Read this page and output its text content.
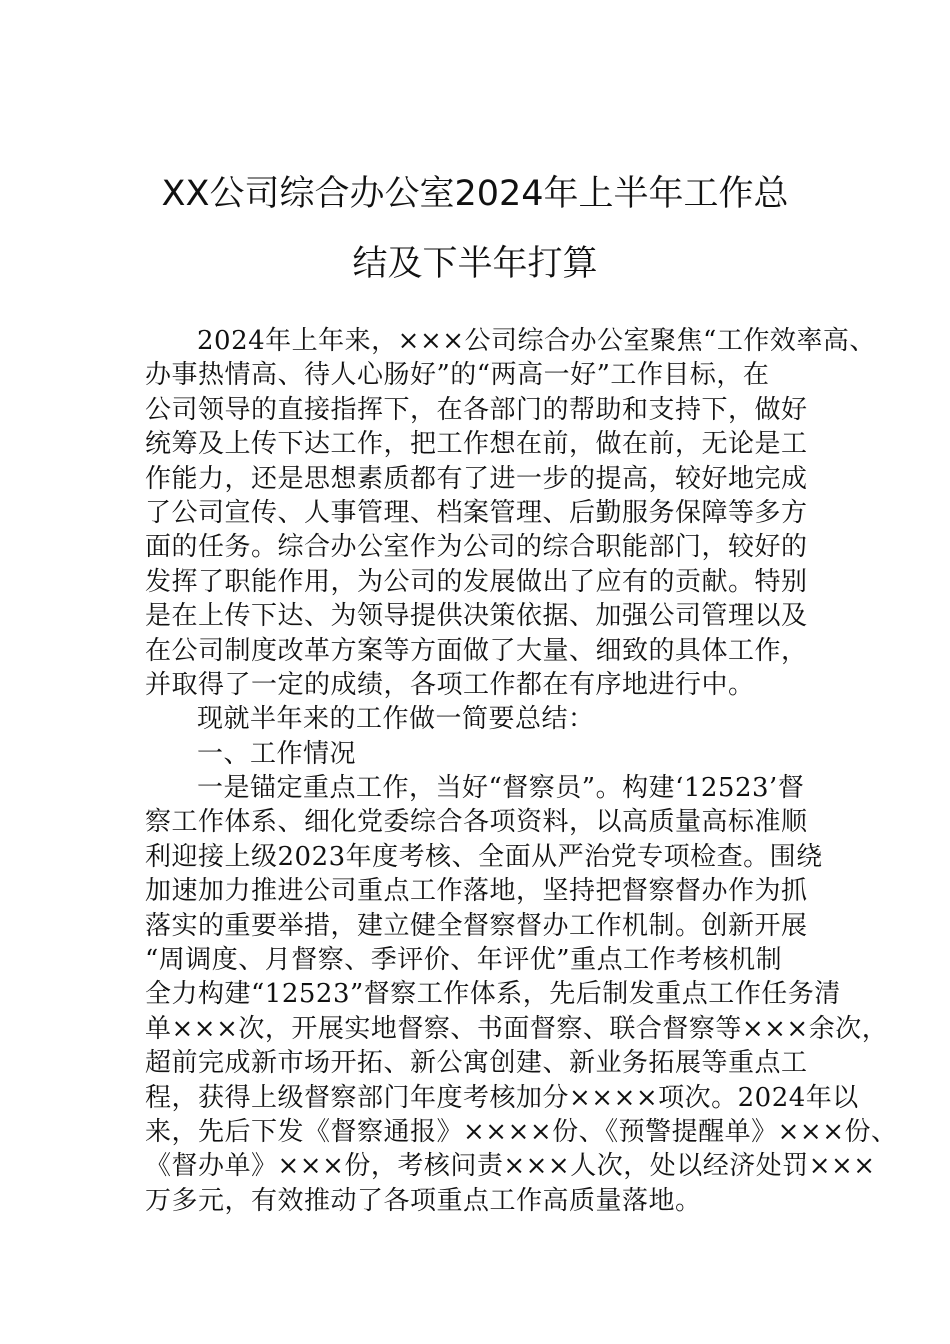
XX公司综合办公室2024年上半年工作总
结及下半年打算
2024年上年来，×××公司综合办公室聚焦“工作效率高、
办事热情高、待人心肠好”的“两高一好”工作目标，在
公司领导的直接指挥下，在各部门的帮助和支持下，做好
统筹及上传下达工作，把工作想在前，做在前，无论是工
作能力，还是思想素质都有了进一步的提高，较好地完成
了公司宣传、人事管理、档案管理、后勤服务保障等多方
面的任务。综合办公室作为公司的综合职能部门，较好的
发挥了职能作用，为公司的发展做出了应有的贡献。特别
是在上传下达、为领导提供决策依据、加强公司管理以及
在公司制度改革方案等方面做了大量、细致的具体工作，
并取得了一定的成绩，各项工作都在有序地进行中。
现就半年来的工作做一简要总结：
一、工作情况
一是锚定重点工作，当好“督察员”。构建‘12523’督
察工作体系、细化党委综合各项资料，以高质量高标准顺
利迎接上级2023年度考核、全面从严治党专项检查。围绕
加速加力推进公司重点工作落地，坚持把督察督办作为抓
落实的重要举措，建立健全督察督办工作机制。创新开展
“周调度、月督察、季评价、年评优”重点工作考核机制
全力构建“12523”督察工作体系，先后制发重点工作任务清
单×××次，开展实地督察、书面督察、联合督察等×××余次，
超前完成新市场开拓、新公寓创建、新业务拓展等重点工
程，获得上级督察部门年度考核加分××××项次。2024年以
来，先后下发《督察通报》××××份、《预警提醒单》×××份、
《督办单》×××份，考核问责×××人次，处以经济处罚×××
万多元，有效推动了各项重点工作高质量落地。
